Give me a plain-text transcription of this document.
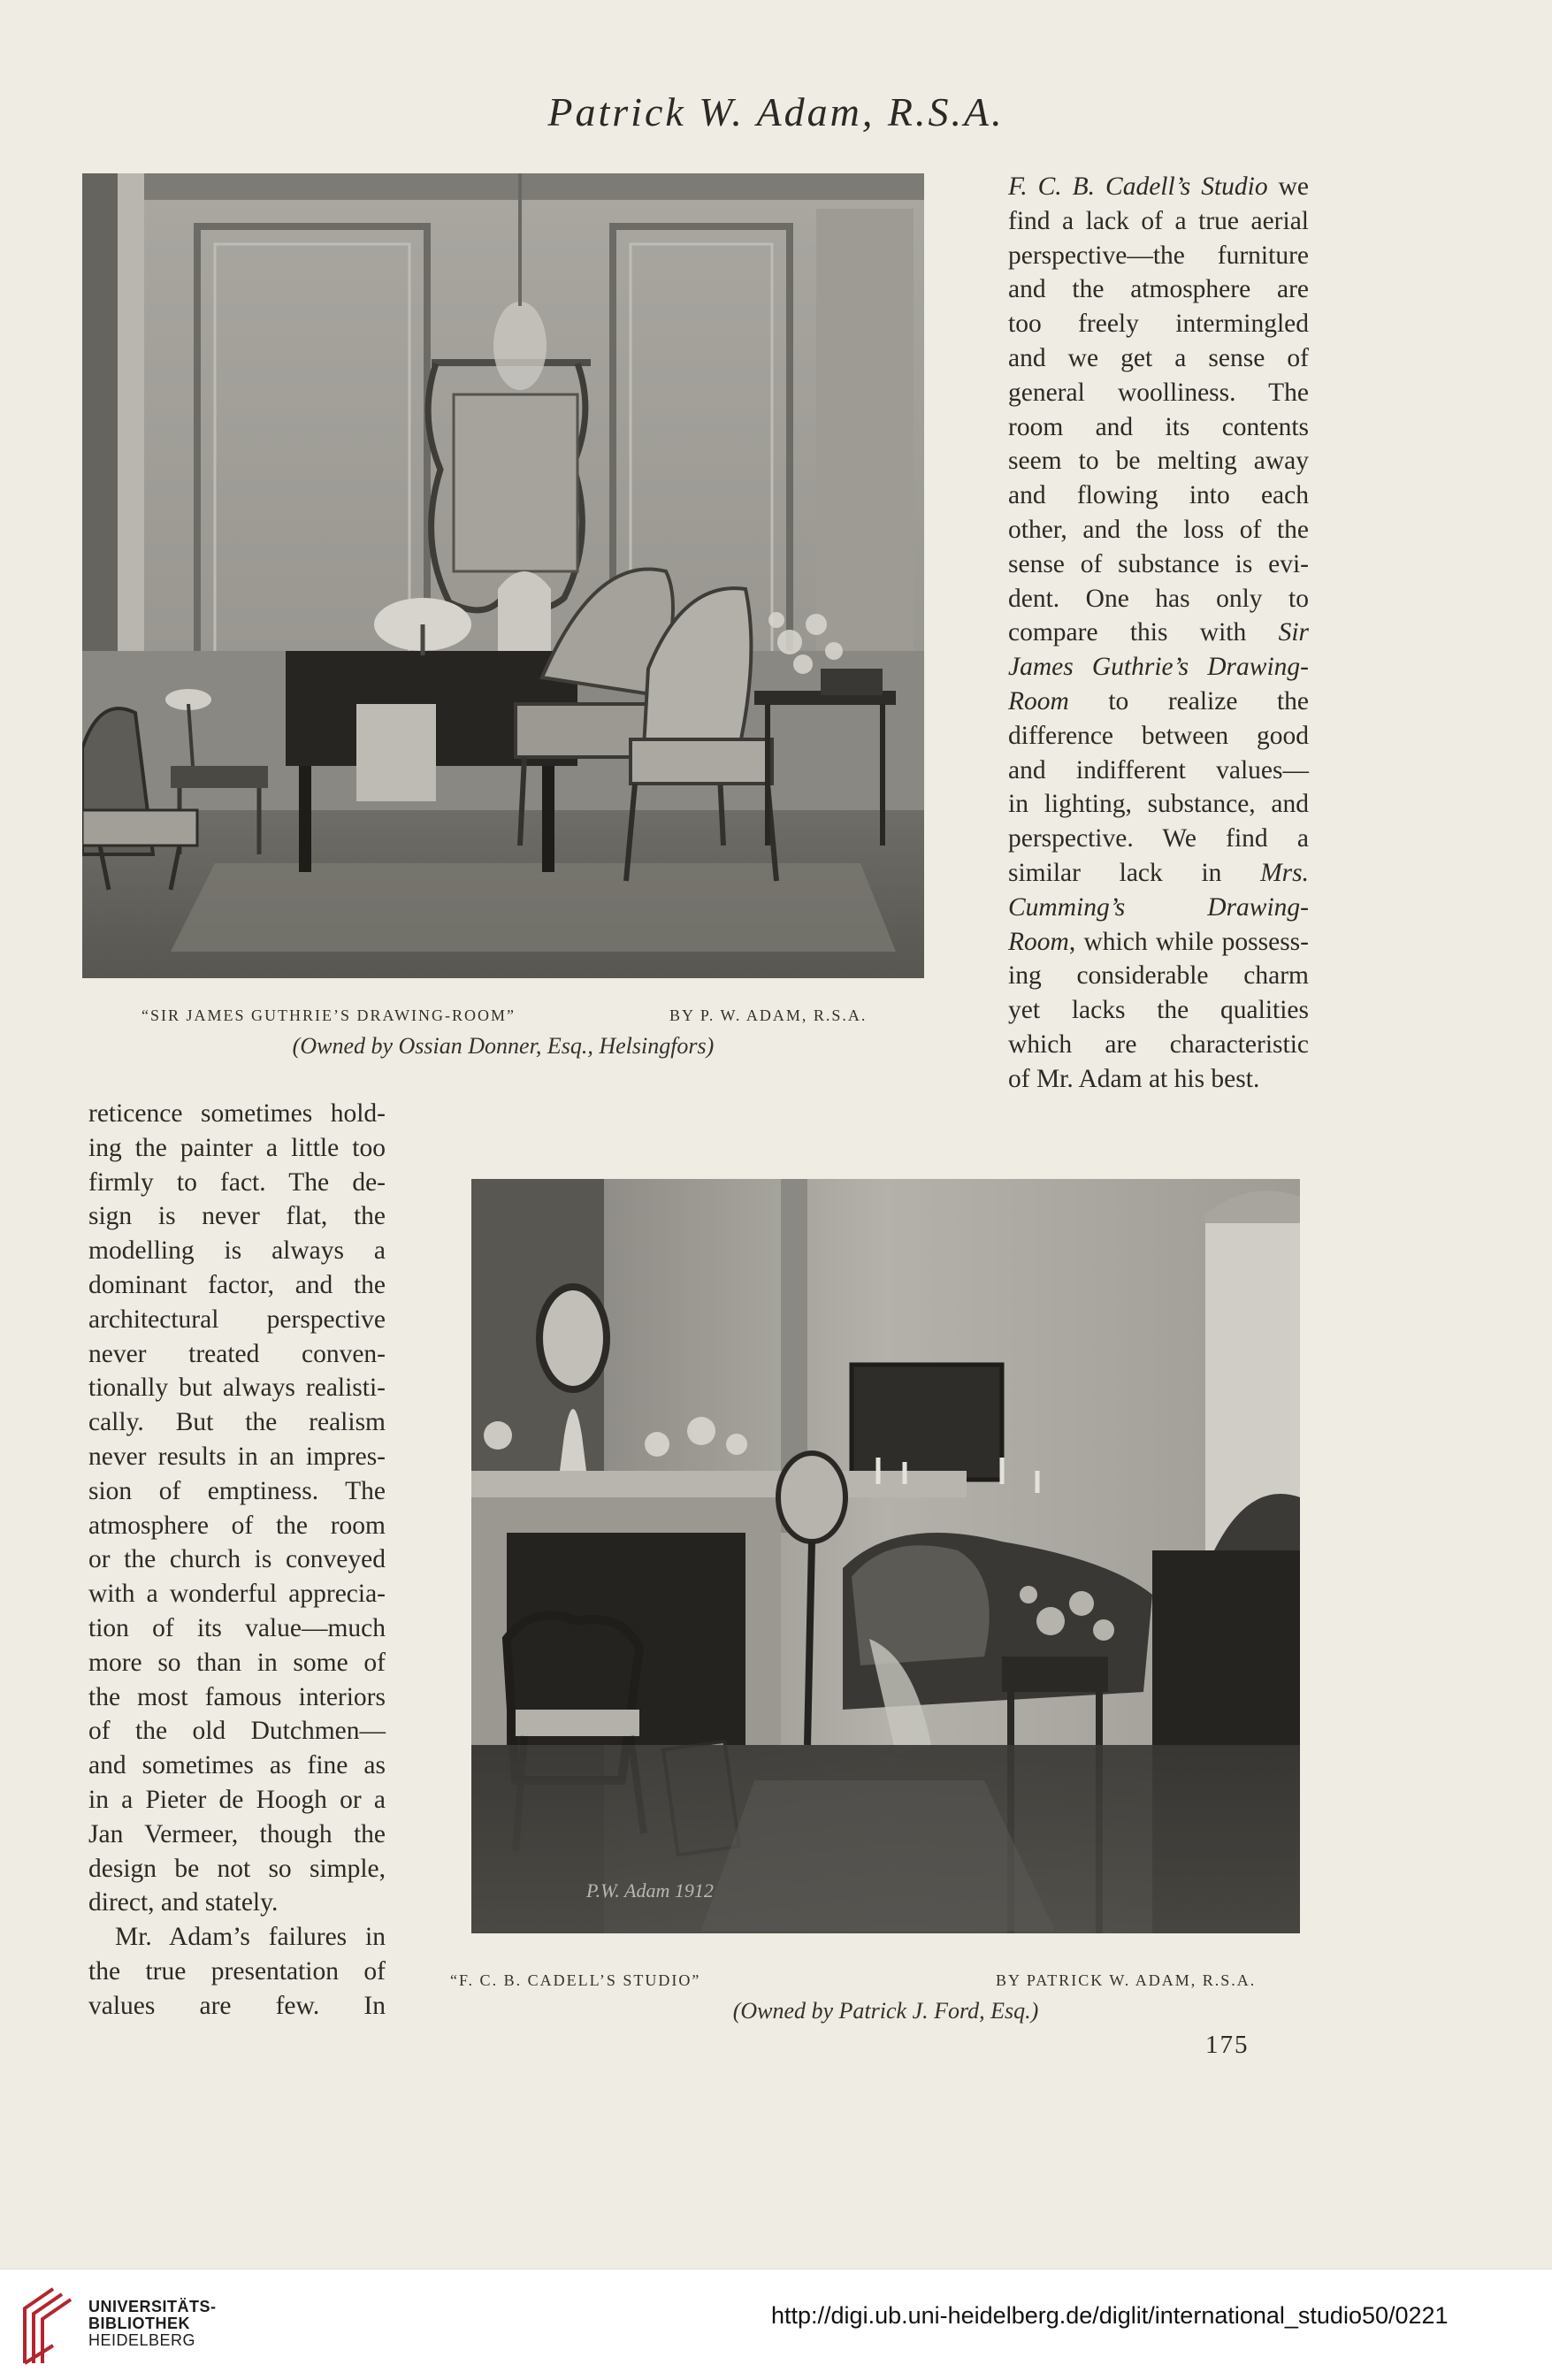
Patrick W. Adam, R.S.A.
“SIR JAMES GUTHRIE’S DRAWING-ROOM”	BY P. W. ADAM, R.S.A.
(Owned by Ossian Donner, Esq., Helsingfors)

F. C. B. Cadell’s Studio we

find a lack of a true aerial

perspective—the furniture

and the atmosphere are

too freely intermingled

and we get a sense of

general woolliness. The

room and its contents

seem to be melting away

and flowing into each

other, and the loss of the

sense of substance is evi-

dent. One has only to

compare this with Sir

James Guthrie’s Drawing-

Room to realize the

difference between good

and indifferent values—

in lighting, substance, and

perspective. We find a

similar lack in Mrs.

Cumming’s Drawing-

Room, which while possess-

ing considerable charm

yet lacks the qualities

which are characteristic

of Mr. Adam at his best.

reticence sometimes hold-

ing the painter a little too

firmly to fact. The de-

sign is never flat, the

modelling is always a

dominant factor, and the

architectural perspective

never treated conven-

tionally but always realisti-

cally. But the realism

never results in an impres-

sion of emptiness. The

atmosphere of the room

or the church is conveyed

with a wonderful apprecia-

tion of its value—much

more so than in some of

the most famous interiors

of the old Dutchmen—

and sometimes as fine as

in a Pieter de Hoogh or a

Jan Vermeer, though the

design be not so simple,

direct, and stately.

Mr. Adam’s failures in

the true presentation of

values are few. In

P.W. Adam 1912
“F. C. B. CADELL’S STUDIO”	BY PATRICK W. ADAM, R.S.A.
(Owned by Patrick J. Ford, Esq.)
175
UNIVERSITÄTS-
BIBLIOTHEK
HEIDELBERG
http://digi.ub.uni-heidelberg.de/diglit/international_studio50/0221
